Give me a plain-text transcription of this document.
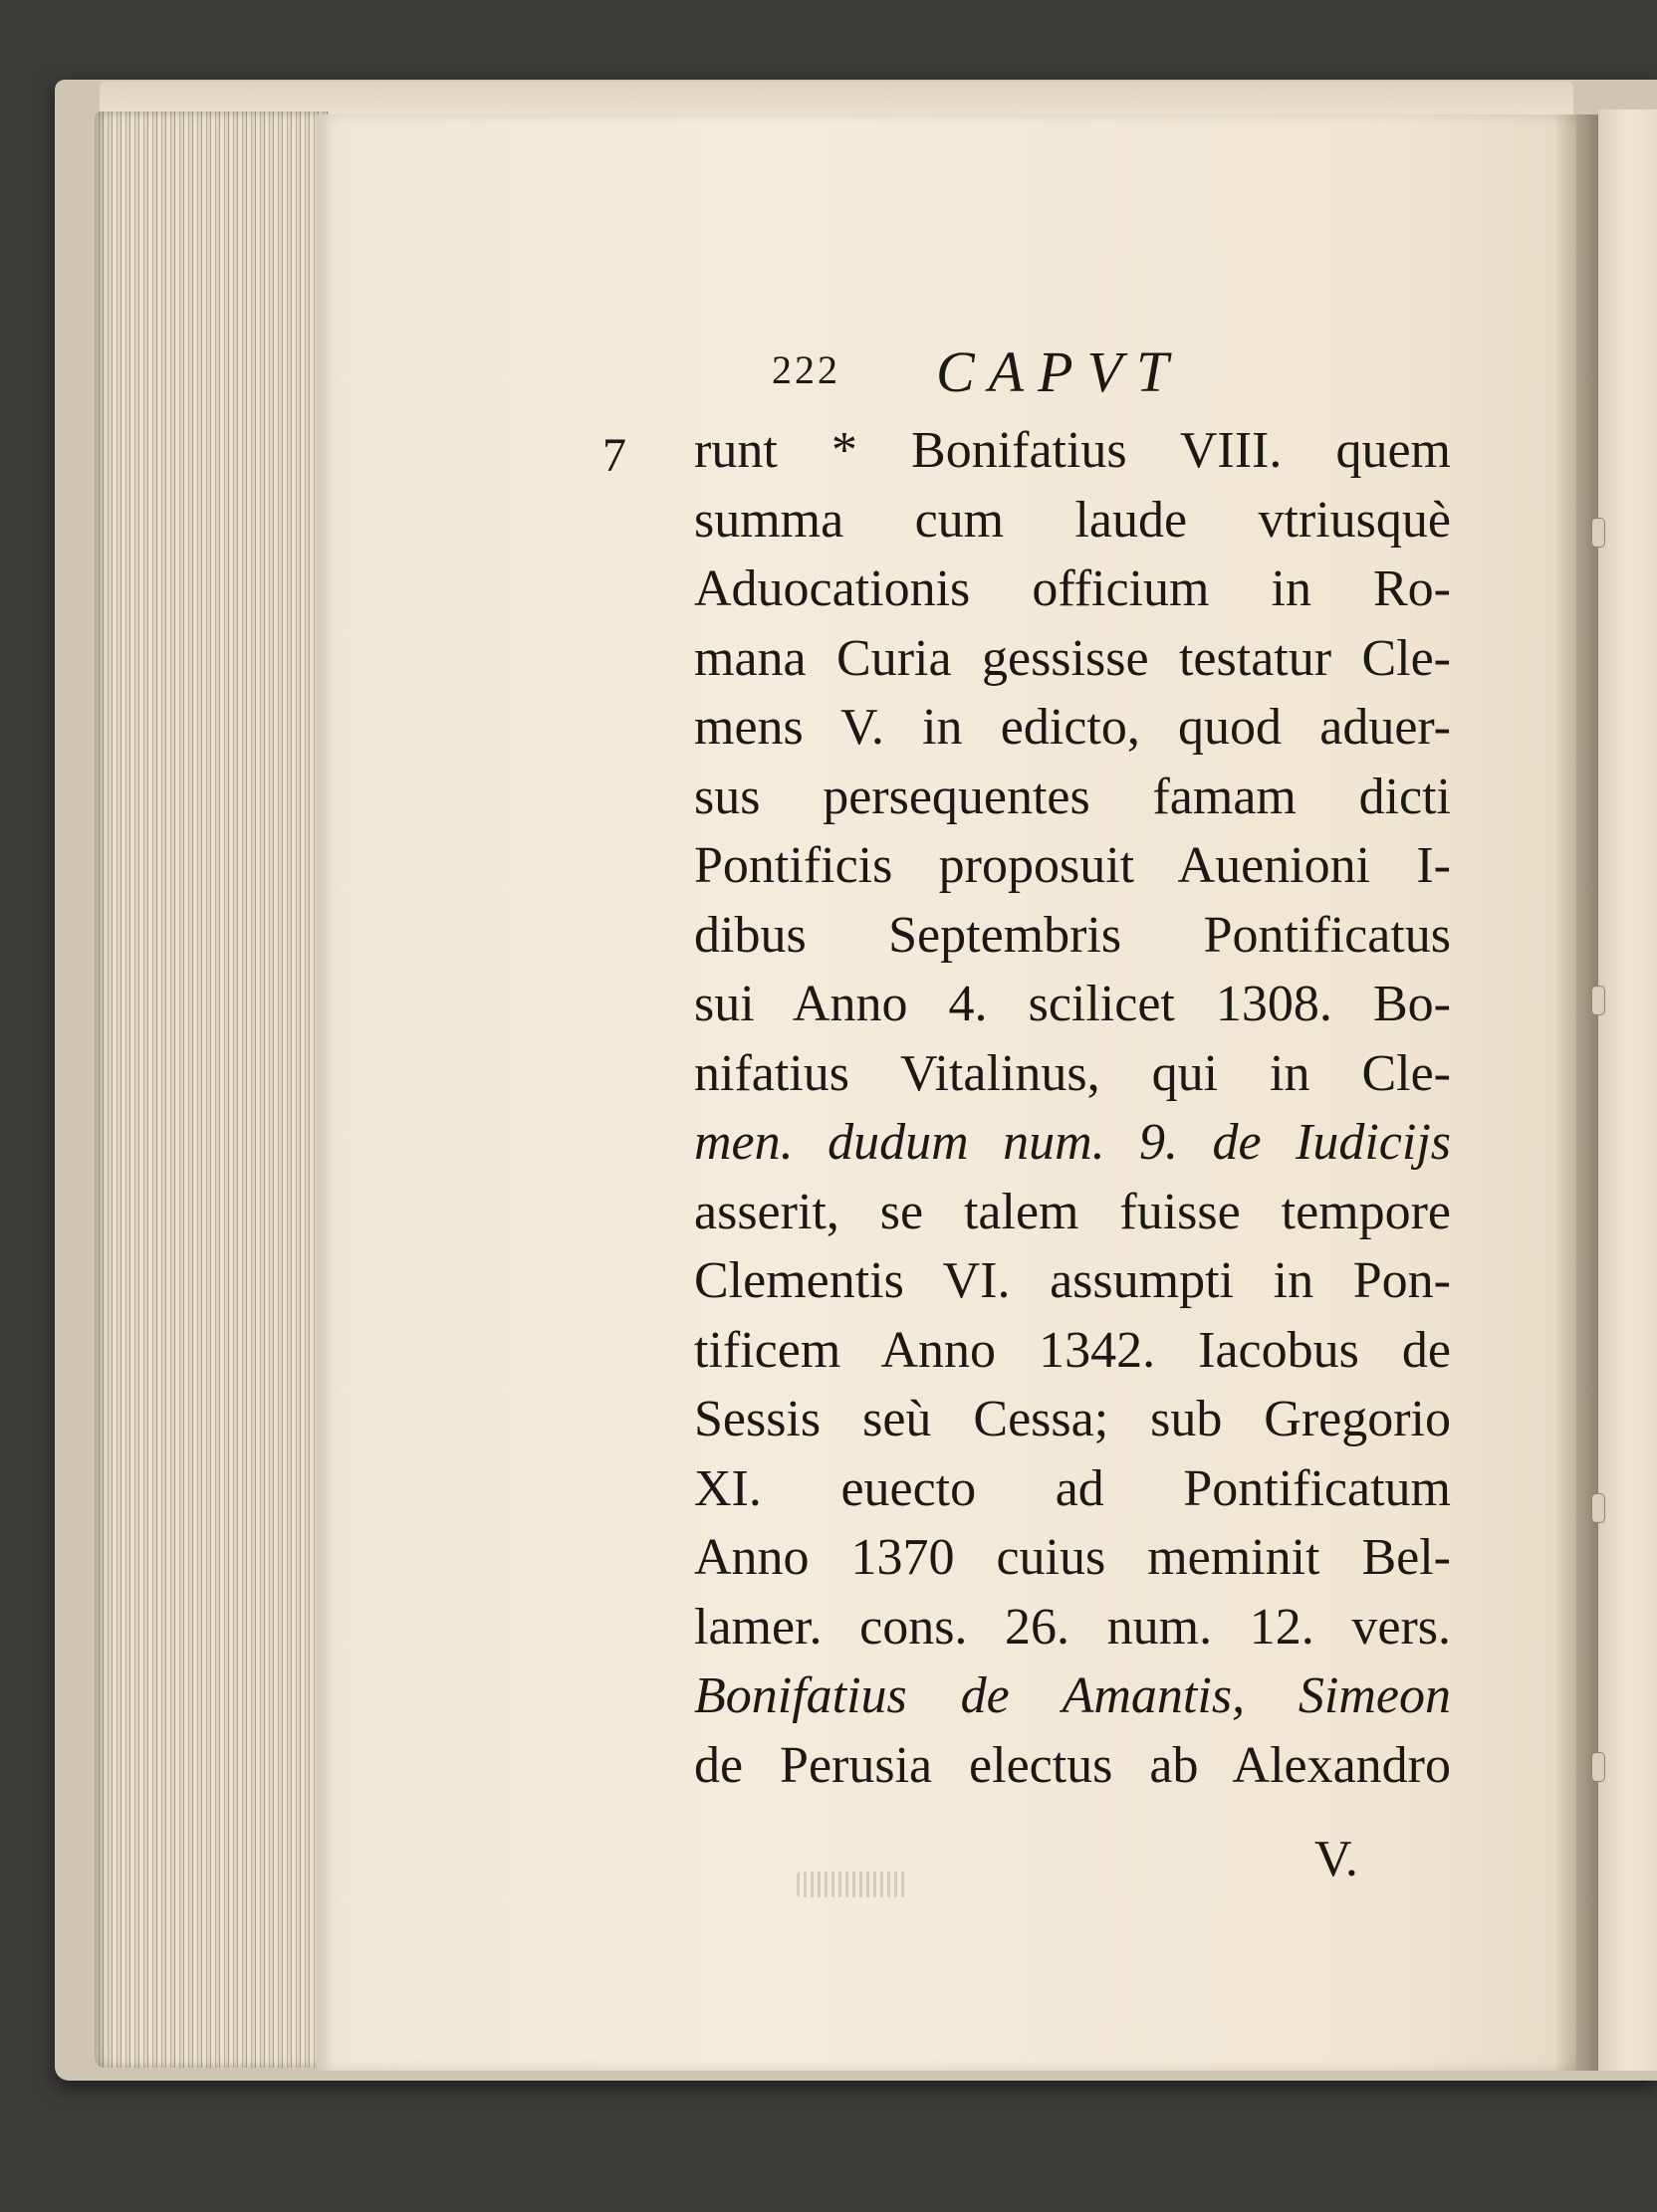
222 CAPVT
7 runt * Bonifatius VIII. quem
summa cum laude vtriusquè
Aduocationis officium in Ro-
mana Curia gessisse testatur Cle-
mens V. in edicto, quod aduer-
sus persequentes famam dicti
Pontificis proposuit Auenioni I-
dibus Septembris Pontificatus
sui Anno 4. scilicet 1308. Bo-
nifatius Vitalinus, qui in Cle-
men. dudum num. 9. de Iudicijs
asserit, se talem fuisse tempore
Clementis VI. assumpti in Pon-
tificem Anno 1342. Iacobus de
Sessis seù Cessa; sub Gregorio
XI. euecto ad Pontificatum
Anno 1370 cuius meminit Bel-
lamer. cons. 26. num. 12. vers.
Bonifatius de Amantis, Simeon
de Perusia electus ab Alexandro
V.
